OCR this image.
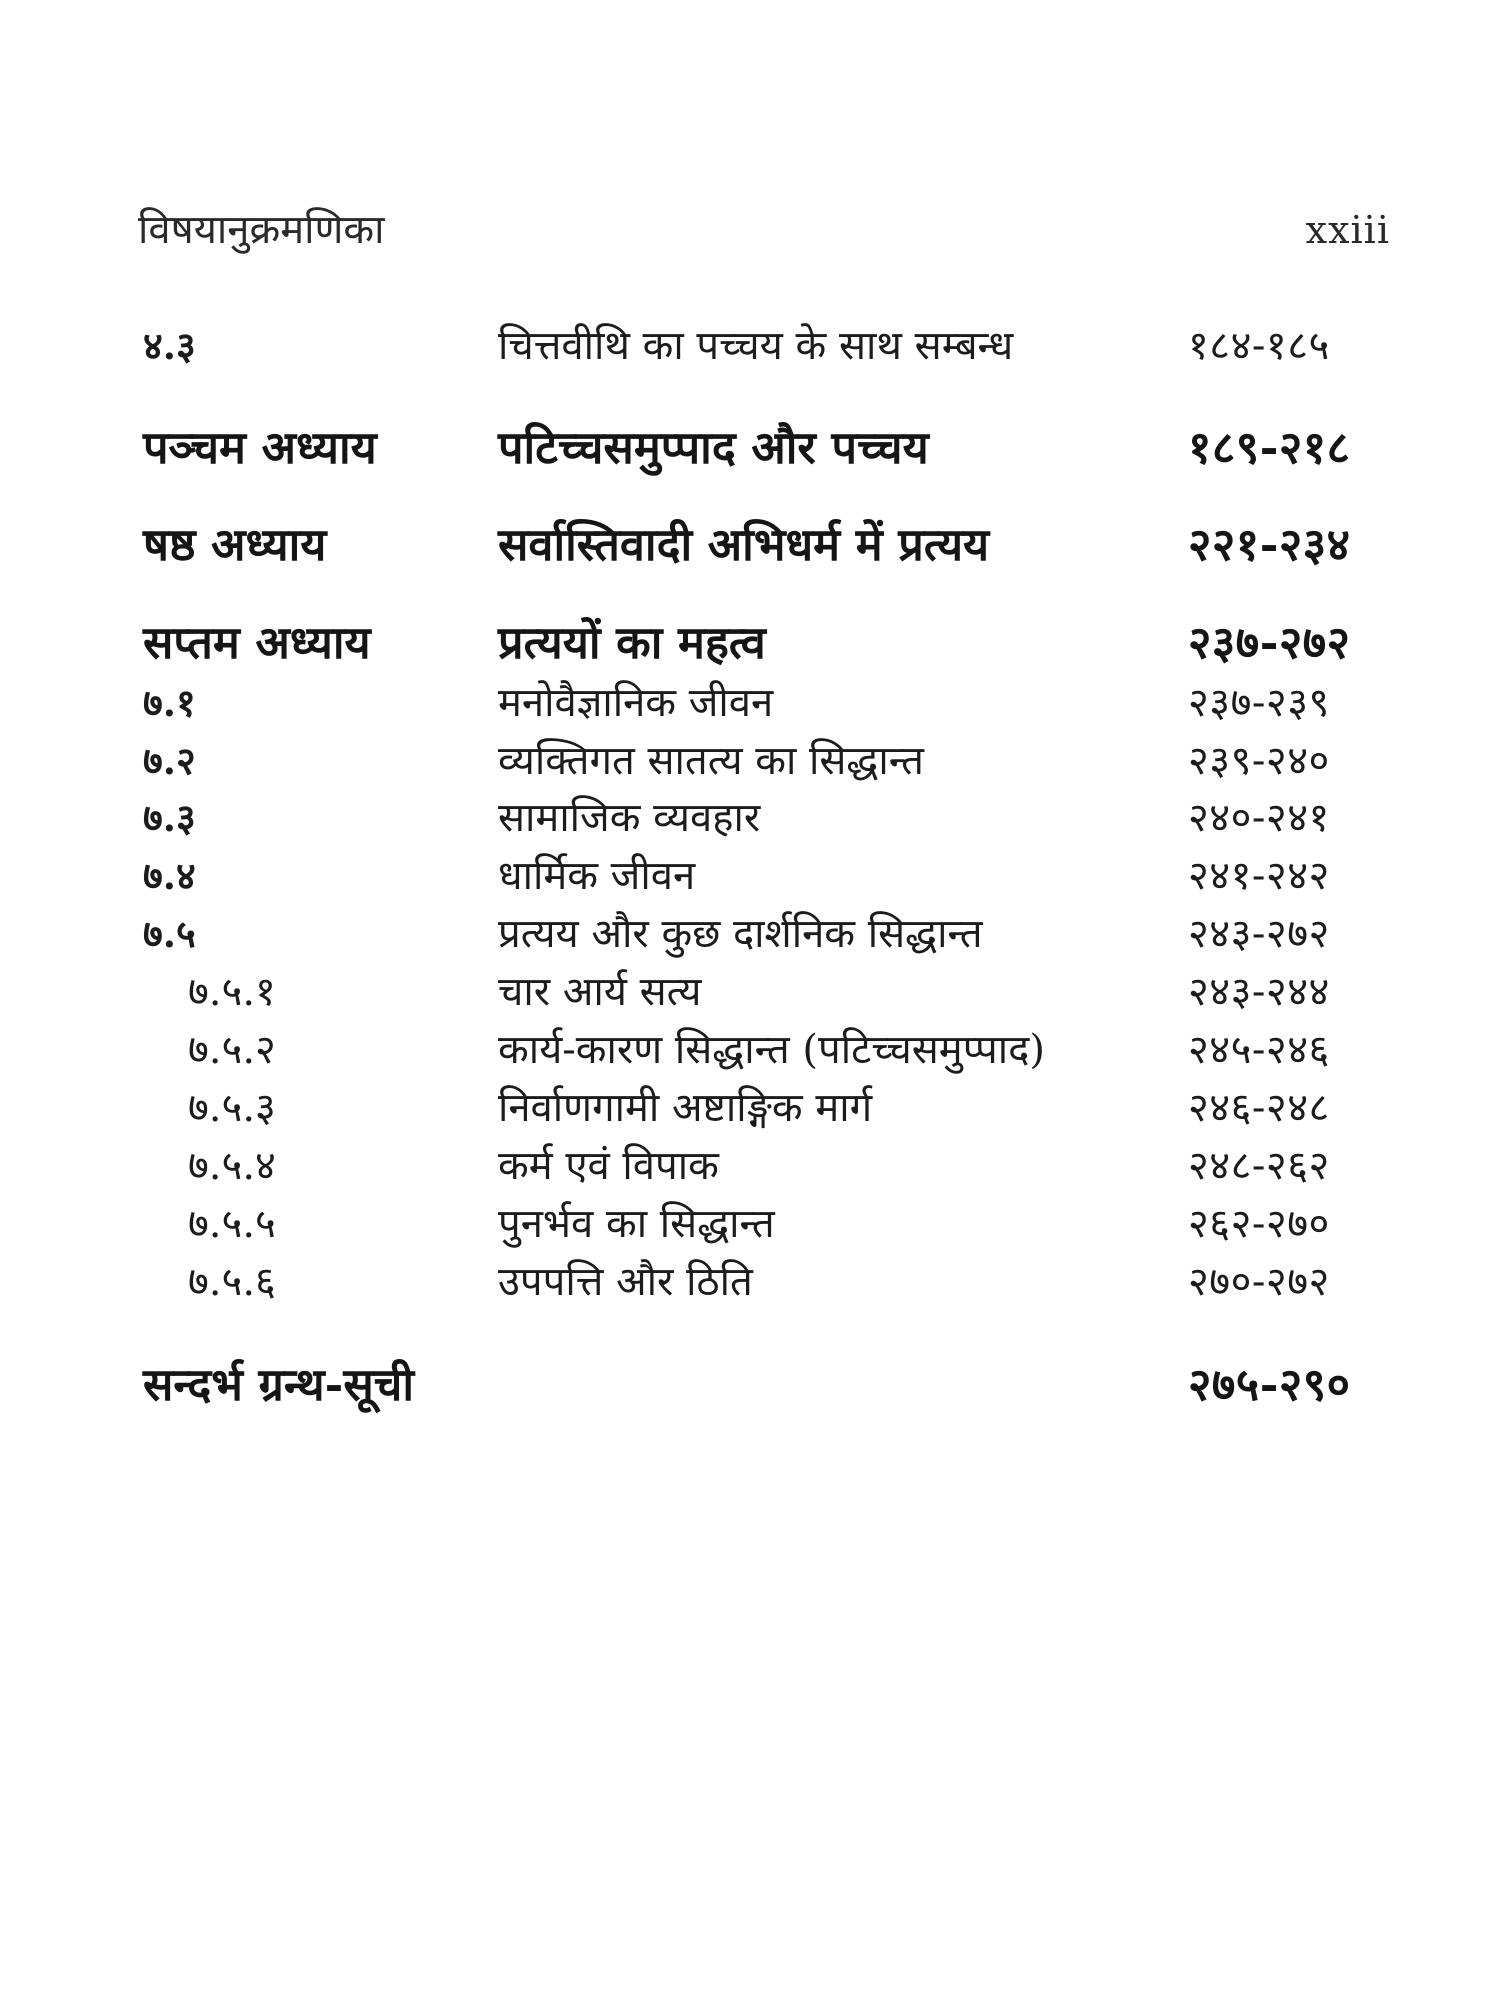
विषयानुक्रमणिका	xxiii
४.३	चित्तवीथि का पच्चय के साथ सम्बन्ध	१८४-१८५
पञ्चम अध्याय	पटिच्चसमुप्पाद और पच्चय	१८९-२१८
षष्ठ अध्याय	सर्वास्तिवादी अभिधर्म में प्रत्यय	२२१-२३४
सप्तम अध्याय	प्रत्ययों का महत्व	२३७-२७२
७.१	मनोवैज्ञानिक जीवन	२३७-२३९
७.२	व्यक्तिगत सातत्य का सिद्धान्त	२३९-२४०
७.३	सामाजिक व्यवहार	२४०-२४१
७.४	धार्मिक जीवन	२४१-२४२
७.५	प्रत्यय और कुछ दार्शनिक सिद्धान्त	२४३-२७२
७.५.१	चार आर्य सत्य	२४३-२४४
७.५.२	कार्य-कारण सिद्धान्त (पटिच्चसमुप्पाद)	२४५-२४६
७.५.३	निर्वाणगामी अष्टाङ्गिक मार्ग	२४६-२४८
७.५.४	कर्म एवं विपाक	२४८-२६२
७.५.५	पुनर्भव का सिद्धान्त	२६२-२७०
७.५.६	उपपत्ति और ठिति	२७०-२७२
सन्दर्भ ग्रन्थ-सूची	२७५-२९०
